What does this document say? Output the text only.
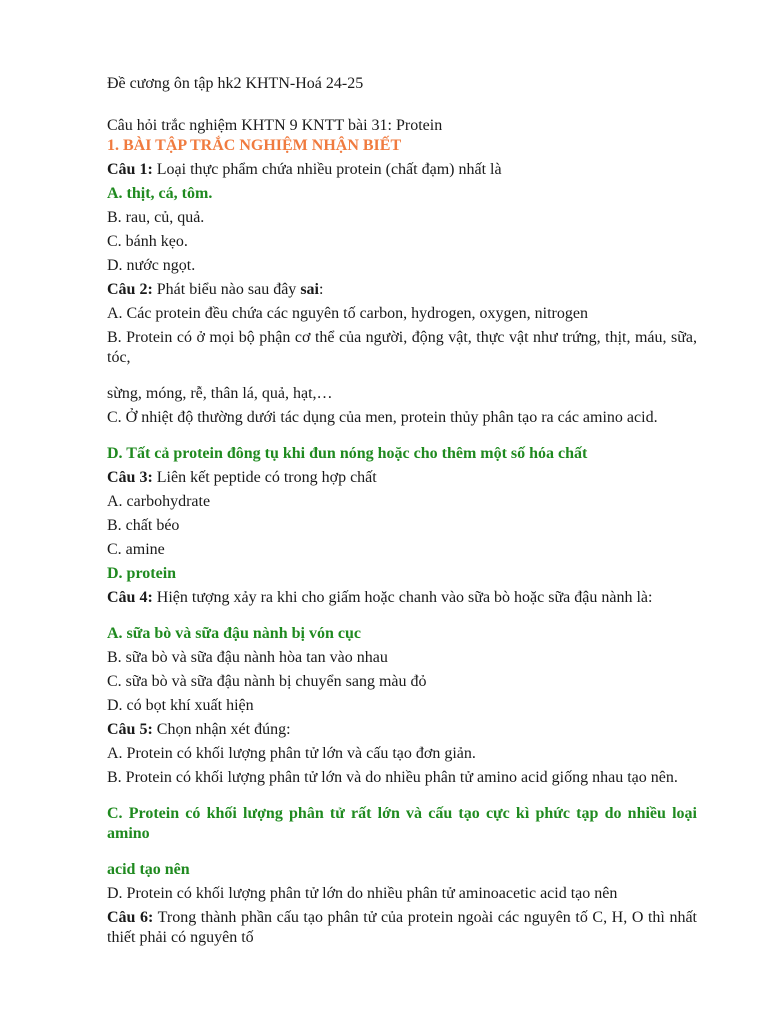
Đề cương ôn tập hk2 KHTN-Hoá 24-25

Câu hỏi trắc nghiệm KHTN 9 KNTT bài 31: Protein

1. BÀI TẬP TRẮC NGHIỆM NHẬN BIẾT

Câu 1: Loại thực phẩm chứa nhiều protein (chất đạm) nhất là

A. thịt, cá, tôm.

B. rau, củ, quả.

C. bánh kẹo.

D. nước ngọt.

Câu 2: Phát biểu nào sau đây sai:

A. Các protein đều chứa các nguyên tố carbon, hydrogen, oxygen, nitrogen

B. Protein có ở mọi bộ phận cơ thể của người, động vật, thực vật như trứng, thịt, máu, sữa, tóc,

sừng, móng, rễ, thân lá, quả, hạt,…

C. Ở nhiệt độ thường dưới tác dụng của men, protein thủy phân tạo ra các amino acid.

D. Tất cả protein đông tụ khi đun nóng hoặc cho thêm một số hóa chất

Câu 3: Liên kết peptide có trong hợp chất

A. carbohydrate

B. chất béo

C. amine

D. protein

Câu 4: Hiện tượng xảy ra khi cho giấm hoặc chanh vào sữa bò hoặc sữa đậu nành là:

A. sữa bò và sữa đậu nành bị vón cục

B. sữa bò và sữa đậu nành hòa tan vào nhau

C. sữa bò và sữa đậu nành bị chuyển sang màu đỏ

D. có bọt khí xuất hiện

Câu 5: Chọn nhận xét đúng:

A. Protein có khối lượng phân tử lớn và cấu tạo đơn giản.

B. Protein có khối lượng phân tử lớn và do nhiều phân tử amino acid giống nhau tạo nên.

C. Protein có khối lượng phân tử rất lớn và cấu tạo cực kì phức tạp do nhiều loại amino

acid tạo nên

D. Protein có khối lượng phân tử lớn do nhiều phân tử aminoacetic acid tạo nên

Câu 6: Trong thành phần cấu tạo phân tử của protein ngoài các nguyên tố C, H, O thì nhất thiết phải có nguyên tố
